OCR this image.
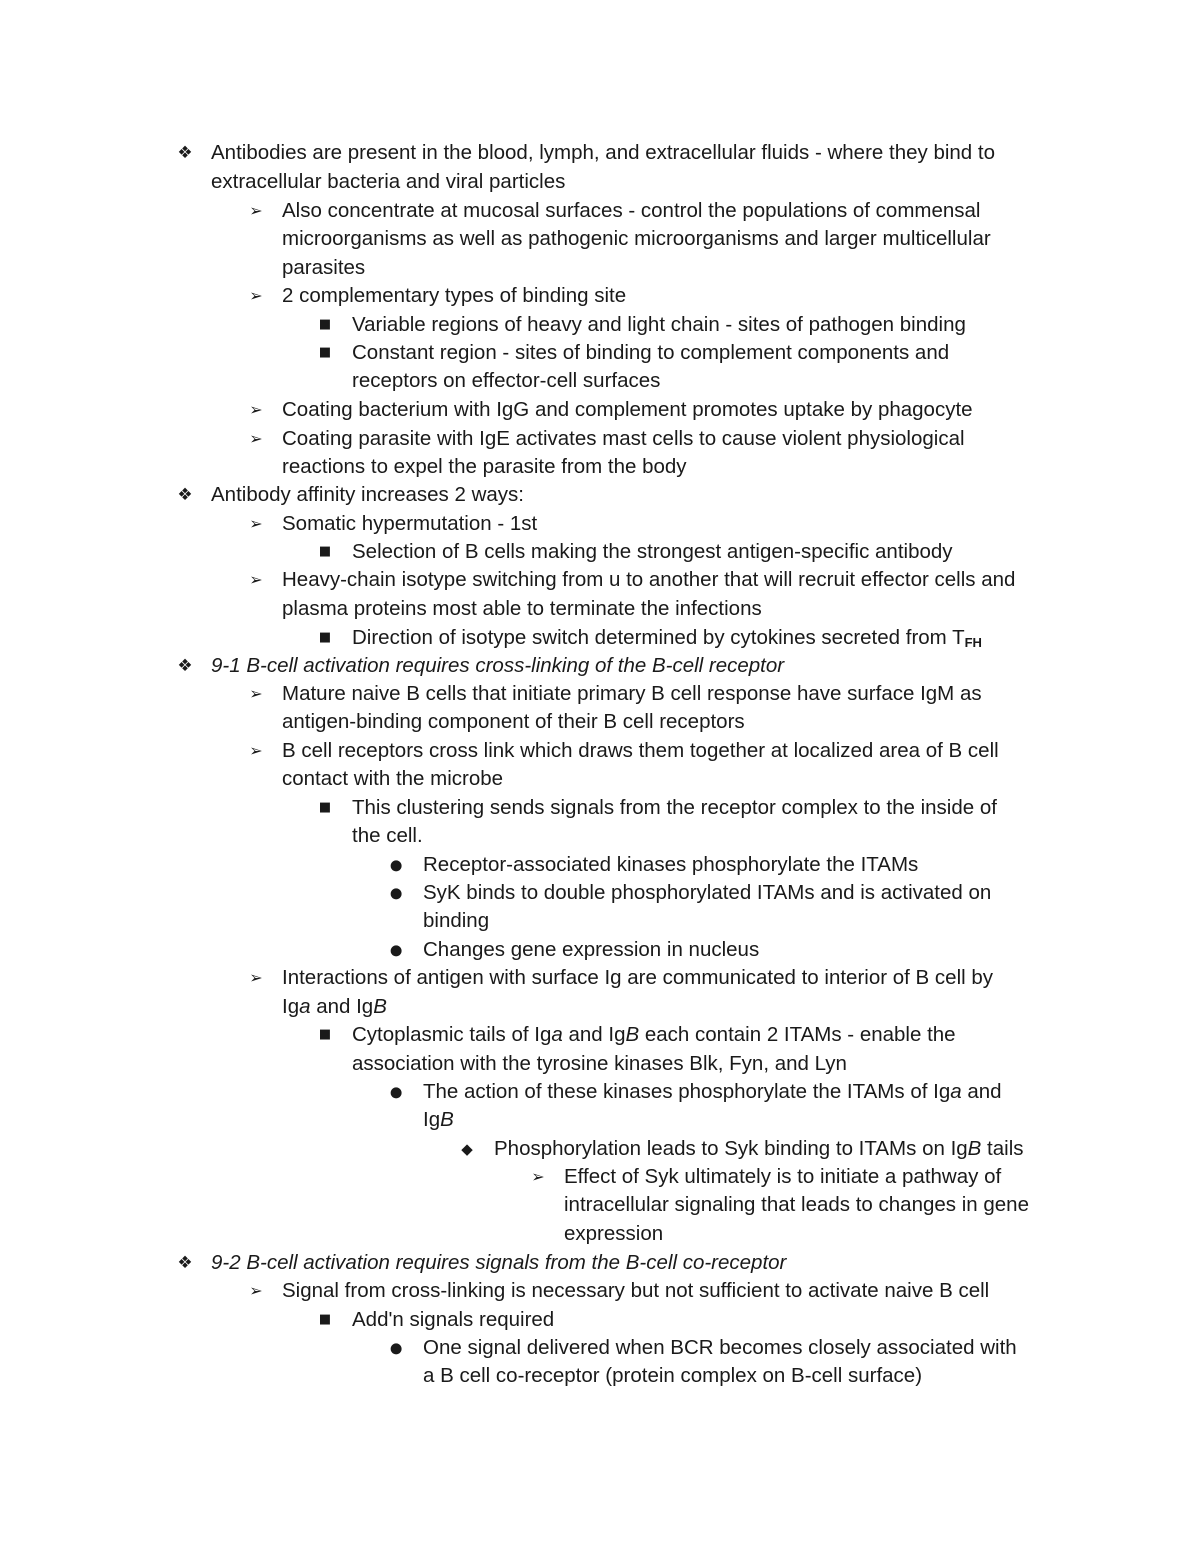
❖ Antibodies are present in the blood, lymph, and extracellular fluids - where they bind to
extracellular bacteria and viral particles
➢ Also concentrate at mucosal surfaces - control the populations of commensal
microorganisms as well as pathogenic microorganisms and larger multicellular
parasites
➢ 2 complementary types of binding site
■ Variable regions of heavy and light chain - sites of pathogen binding
■ Constant region - sites of binding to complement components and
receptors on effector-cell surfaces
➢ Coating bacterium with IgG and complement promotes uptake by phagocyte
➢ Coating parasite with IgE activates mast cells to cause violent physiological
reactions to expel the parasite from the body
❖ Antibody affinity increases 2 ways:
➢ Somatic hypermutation - 1st
■ Selection of B cells making the strongest antigen-specific antibody
➢ Heavy-chain isotype switching from u to another that will recruit effector cells and
plasma proteins most able to terminate the infections
■ Direction of isotype switch determined by cytokines secreted from $T_{FH}$
❖ 9-1 B-cell activation requires cross-linking of the B-cell receptor
➢ Mature naive B cells that initiate primary B cell response have surface IgM as
antigen-binding component of their B cell receptors
➢ B cell receptors cross link which draws them together at localized area of B cell
contact with the microbe
■ This clustering sends signals from the receptor complex to the inside of
the cell.
● Receptor-associated kinases phosphorylate the ITAMs
● SyK binds to double phosphorylated ITAMs and is activated on
binding
● Changes gene expression in nucleus
➢ Interactions of antigen with surface Ig are communicated to interior of B cell by
Iga and IgB
■ Cytoplasmic tails of Iga and IgB each contain 2 ITAMs - enable the
association with the tyrosine kinases Blk, Fyn, and Lyn
● The action of these kinases phosphorylate the ITAMs of Iga and
IgB
◆	Phosphorylation leads to Syk binding to ITAMs on IgB tails
➢ Effect of Syk ultimately is to initiate a pathway of
intracellular signaling that leads to changes in gene
expression
❖ 9-2 B-cell activation requires signals from the B-cell co-receptor
➢ Signal from cross-linking is necessary but not sufficient to activate naive B cell
■ Add'n signals required
● One signal delivered when BCR becomes closely associated with
a B cell co-receptor (protein complex on B-cell surface)
